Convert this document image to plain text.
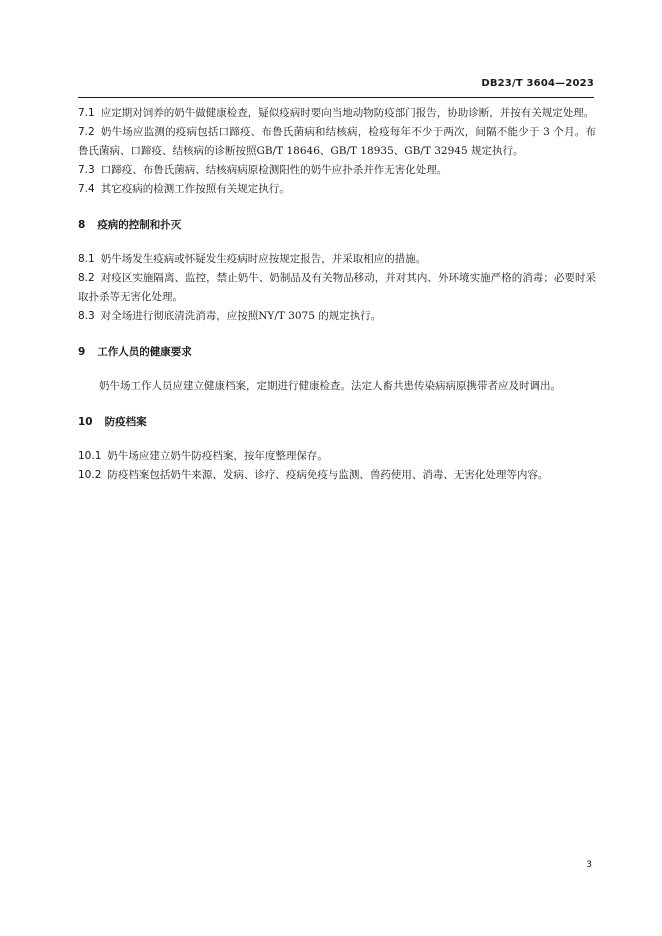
DB23/T 3604—2023

7.1 应定期对饲养的奶牛做健康检查，疑似疫病时要向当地动物防疫部门报告，协助诊断，并按有关规定处理。

7.2 奶牛场应监测的疫病包括口蹄疫、布鲁氏菌病和结核病，检疫每年不少于两次，间隔不能少于 3 个月。布鲁氏菌病、口蹄疫、结核病的诊断按照GB/T 18646、GB/T 18935、GB/T 32945 规定执行。

7.3 口蹄疫、布鲁氏菌病、结核病病原检测阳性的奶牛应扑杀并作无害化处理。

7.4 其它疫病的检测工作按照有关规定执行。

8 疫病的控制和扑灭

8.1 奶牛场发生疫病或怀疑发生疫病时应按规定报告，并采取相应的措施。

8.2 对疫区实施隔离、监控，禁止奶牛、奶制品及有关物品移动，并对其内、外环境实施严格的消毒；必要时采取扑杀等无害化处理。

8.3 对全场进行彻底清洗消毒，应按照NY/T 3075 的规定执行。

9 工作人员的健康要求

奶牛场工作人员应建立健康档案，定期进行健康检查。法定人畜共患传染病病原携带者应及时调出。

10 防疫档案

10.1 奶牛场应建立奶牛防疫档案，按年度整理保存。

10.2 防疫档案包括奶牛来源、发病、诊疗、疫病免疫与监测、兽药使用、消毒、无害化处理等内容。

3
